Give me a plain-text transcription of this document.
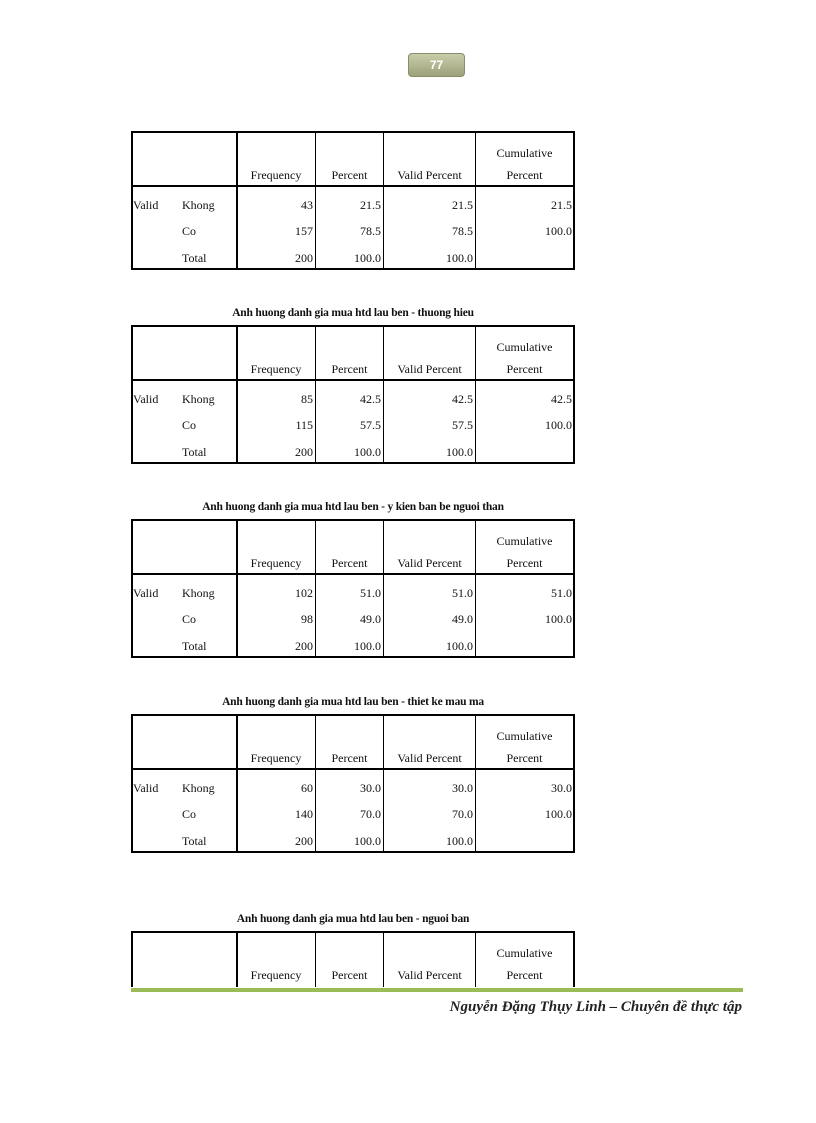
77
Frequency	Percent	Valid Percent
Cumulative
Percent
Valid Khong	43	21.5	21.5	21.5
Co	157	78.5	78.5	100.0
Total	200	100.0	100.0
Anh huong danh gia mua htd lau ben - thuong hieu
Frequency	Percent	Valid Percent
Cumulative
Percent
Valid Khong	85	42.5	42.5	42.5
Co	115	57.5	57.5	100.0
Total	200	100.0	100.0
Anh huong danh gia mua htd lau ben - y kien ban be nguoi than
Frequency	Percent	Valid Percent
Cumulative
Percent
Valid Khong	102	51.0	51.0	51.0
Co	98	49.0	49.0	100.0
Total	200	100.0	100.0
Anh huong danh gia mua htd lau ben - thiet ke mau ma
Frequency	Percent	Valid Percent
Cumulative
Percent
Valid Khong	60	30.0	30.0	30.0
Co	140	70.0	70.0	100.0
Total	200	100.0	100.0
Anh huong danh gia mua htd lau ben - nguoi ban
Frequency	Percent	Valid Percent
Cumulative
Percent
Nguyễn Đặng Thụy Linh – Chuyên đề thực tập
